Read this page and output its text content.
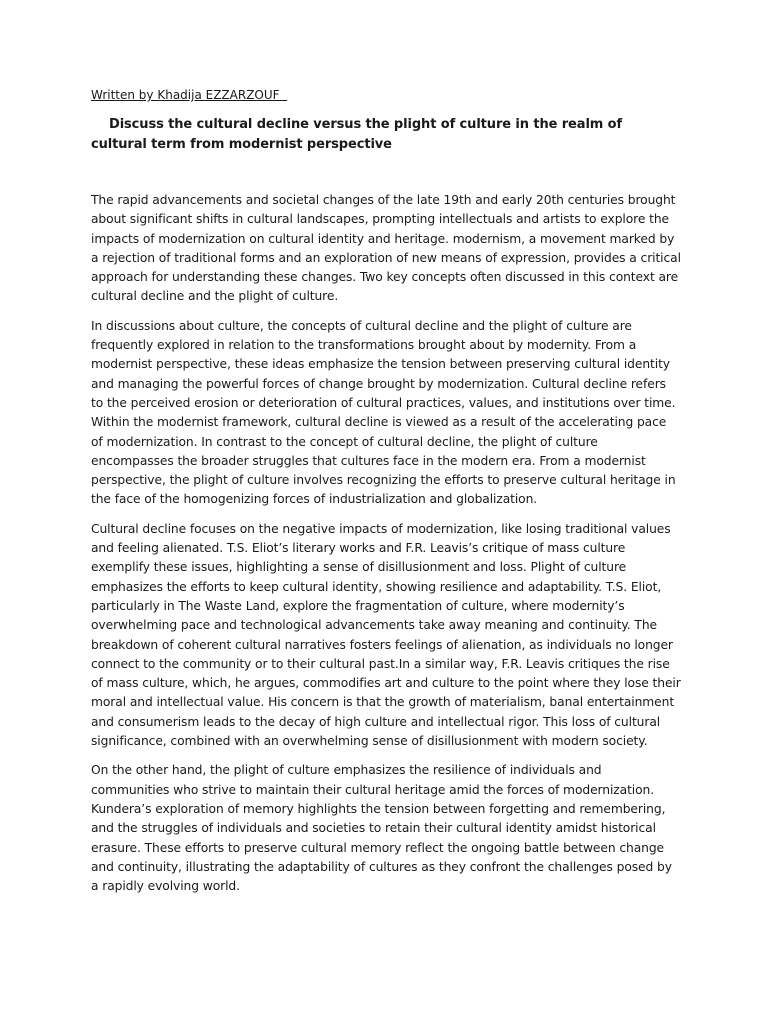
Written by Khadija EZZARZOUF
Discuss the cultural decline versus the plight of culture in the realm of cultural term from modernist perspective

The rapid advancements and societal changes of the late 19th and early 20th centuries brought about significant shifts in cultural landscapes, prompting intellectuals and artists to explore the impacts of modernization on cultural identity and heritage. modernism, a movement marked by a rejection of traditional forms and an exploration of new means of expression, provides a critical approach for understanding these changes. Two key concepts often discussed in this context are cultural decline and the plight of culture.

In discussions about culture, the concepts of cultural decline and the plight of culture are frequently explored in relation to the transformations brought about by modernity. From a modernist perspective, these ideas emphasize the tension between preserving cultural identity and managing the powerful forces of change brought by modernization. Cultural decline refers to the perceived erosion or deterioration of cultural practices, values, and institutions over time. Within the modernist framework, cultural decline is viewed as a result of the accelerating pace of modernization. In contrast to the concept of cultural decline, the plight of culture encompasses the broader struggles that cultures face in the modern era. From a modernist perspective, the plight of culture involves recognizing the efforts to preserve cultural heritage in the face of the homogenizing forces of industrialization and globalization.

Cultural decline focuses on the negative impacts of modernization, like losing traditional values and feeling alienated. T.S. Eliot’s literary works and F.R. Leavis’s critique of mass culture exemplify these issues, highlighting a sense of disillusionment and loss. Plight of culture emphasizes the efforts to keep cultural identity, showing resilience and adaptability. T.S. Eliot, particularly in The Waste Land, explore the fragmentation of culture, where modernity’s overwhelming pace and technological advancements take away meaning and continuity. The breakdown of coherent cultural narratives fosters feelings of alienation, as individuals no longer connect to the community or to their cultural past.In a similar way, F.R. Leavis critiques the rise of mass culture, which, he argues, commodifies art and culture to the point where they lose their moral and intellectual value. His concern is that the growth of materialism, banal entertainment and consumerism leads to the decay of high culture and intellectual rigor. This loss of cultural significance, combined with an overwhelming sense of disillusionment with modern society.

On the other hand, the plight of culture emphasizes the resilience of individuals and communities who strive to maintain their cultural heritage amid the forces of modernization. Kundera’s exploration of memory highlights the tension between forgetting and remembering, and the struggles of individuals and societies to retain their cultural identity amidst historical erasure. These efforts to preserve cultural memory reflect the ongoing battle between change and continuity, illustrating the adaptability of cultures as they confront the challenges posed by a rapidly evolving world.
